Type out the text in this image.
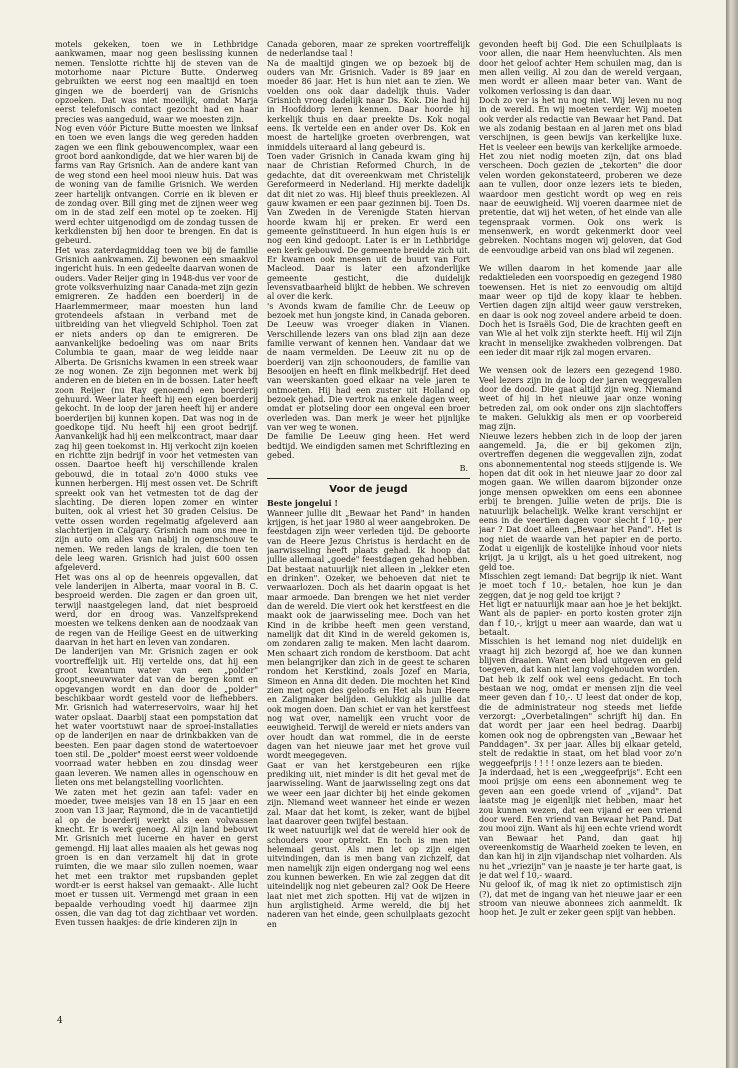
motels gekeken, toen we in Lethbridge aankwamen, maar nog geen beslissing kunnen nemen. Tenslotte richtte hij de steven van de motorhome naar Picture Butte. Onderweg gebruikten we eerst nog een maaltijd en toen gingen we de boerderij van de Grisnichs opzoeken. Dat was niet moeilijk, omdat Marja eerst telefonisch contact gezocht had en haar precies was aangeduid, waar we moesten zijn.

Nog even vóór Picture Butte moesten we linksaf en toen we even langs die weg gereden hadden zagen we een flink gebouwencomplex, waar een groot bord aankondigde, dat we hier waren bij de farms van Ray Grisnich. Aan de andere kant van de weg stond een heel mooi nieuw huis. Dat was de woning van de familie Grisnich. We werden zeer hartelijk ontvangen. Corrie en ik bleven er de zondag over. Bill ging met de zijnen weer weg om in de stad zelf een motel op te zoeken. Hij werd echter uitgenodigd om de zondag tussen de kerkdiensten bij hen door te brengen. En dat is gebeurd.

Het was zaterdagmiddag toen we bij de familie Grisnich aankwamen. Zij bewonen een smaakvol ingericht huis. In een gedeelte daarvan wonen de ouders. Vader Reijer ging in 1948-dus ver voor de grote volksverhuizing naar Canada-met zijn gezin emigreren. Ze hadden een boerderij in de Haarlemmermeer, maar moesten hun land grotendeels afstaan in verband met de uitbreiding van het vliegveld Schiphol. Toen zat er niets anders op dan te emigreren. De aanvankelijke bedoeling was om naar Brits Columbia te gaan, maar de weg leidde naar Alberta. De Grisnichs kwamen in een streek waar ze nog wonen. Ze zijn begonnen met werk bij anderen en de bieten en in de bossen. Later heeft zoon Reijer (nu Ray genoemd) een boerderij gehuurd. Weer later heeft hij een eigen boerderij gekocht. In de loop der jaren heeft hij er andere boerderijen bij kunnen kopen. Dat was nog in de goedkope tijd. Nu heeft hij een groot bedrijf. Aanvankelijk had hij een melkcontract, maar daar zag hij geen toekomst in. Hij verkocht zijn koeien en richtte zijn bedrijf in voor het vetmesten van ossen. Daartoe heeft hij verschillende kralen gebouwd, die in totaal zo'n 4000 stuks vee kunnen herbergen. Hij mest ossen vet. De Schrift spreekt ook van het vetmesten tot de dag der slachting. De dieren lopen zomer en winter buiten, ook al vriest het 30 graden Celsius. De vette ossen worden regelmatig afgeleverd aan slachterijen in Calgary. Grisnich nam ons mee in zijn auto om alles van nabij in ogenschouw te nemen. We reden langs de kralen, die toen ten dele leeg waren. Grisnich had juist 600 ossen afgeleverd.

Het was ons al op de heenreis opgevallen, dat vele landerijen in Alberta, maar vooral in B. C. besproeid werden. Die zagen er dan groen uit, terwijl naastgelegen land, dat niet besproeid werd, dor en droog was. Vanzelfsprekend moesten we telkens denken aan de noodzaak van de regen van de Heilige Geest en de uitwerking daarvan in het hart en leven van zondaren.

De landerijen van Mr. Grisnich zagen er ook voortreffelijk uit. Hij vertelde ons, dat hij een groot kwantum water van een „polder" koopt,sneeuwwater dat van de bergen komt en opgevangen wordt en dan door de „polder" beschikbaar wordt gesteld voor de liefhebbers. Mr. Grisnich had waterreservoirs, waar hij het water opslaat. Daarbij staat een pompstation dat het water voortstuwt naar de sproei-installaties op de landerijen en naar de drinkbakken van de beesten. Een paar dagen stond de watertoevoer toen stil. De „polder" moest eerst weer voldoende voorraad water hebben en zou dinsdag weer gaan leveren. We namen alles in ogenschouw en lieten ons met belangstelling voorlichten.

We zaten met het gezin aan tafel: vader en moeder, twee meisjes van 18 en 15 jaar en een zoon van 13 jaar, Raymond, die in de vacantietijd al op de boerderij werkt als een volwassen knecht. Er is werk genoeg. Al zijn land bebouwt Mr. Grisnich met lucerne en haver en gerst gemengd. Hij laat alles maaien als het gewas nog groen is en dan verzamelt hij dat in grote ruimten, die we maar silo zullen noemen, waar het met een traktor met rupsbanden geplet wordt-er is eerst haksel van gemaakt-. Alle lucht moet er tussen uit. Vermengd met graan in een bepaalde verhouding voedt hij daarmee zijn ossen, die van dag tot dag zichtbaar vet worden. Even tussen haakjes: de drie kinderen zijn in

Canada geboren, maar ze spreken voortreffelijk de nederlandse taal !

Na de maaltijd gingen we op bezoek bij de ouders van Mr. Grisnich. Vader is 89 jaar en moeder 86 jaar. Het is hun niet aan te zien. We voelden ons ook daar dadelijk thuis. Vader Grisnich vroeg dadelijk naar Ds. Kok. Die had hij in Hoofddorp leren kennen. Daar hoorde hij kerkelijk thuis en daar preekte Ds. Kok nogal eens. Ik vertelde een en ander over Ds. Kok en moest de hartelijke groeten overbrengen, wat inmiddels uiteraard al lang gebeurd is.

Toen vader Grisnich in Canada kwam ging hij naar de Christian Reformed Church, in de gedachte, dat dit overeenkwam met Christelijk Gereformeerd in Nederland. Hij merkte dadelijk dat dit niet zo was. Hij bleef thuis preeklezen. Al gauw kwamen er een paar gezinnen bij. Toen Ds. Van Zweden in de Verenigde Staten hiervan hoorde kwam hij er preken. Er werd een gemeente geïnstitueerd. In hun eigen huis is er nog een kind gedoopt. Later is er in Lethbridge een kerk gebouwd. De gemeente breidde zich uit. Er kwamen ook mensen uit de buurt van Fort Macleod. Daar is later een afzonderlijke gemeente gesticht, die duidelijk levensvatbaarheid blijkt de hebben. We schreven al over die kerk.

's Avonds kwam de familie Chr. de Leeuw op bezoek met hun jongste kind, in Canada geboren. De Leeuw was vroeger diaken in Vianen. Verschillende lezers van ons blad zijn aan deze familie verwant of kennen hen. Vandaar dat we de naam vermelden. De Leeuw zit nu op de boerderij van zijn schoonouders, de familie van Besooijen en heeft en flink melkbedrijf. Het deed van weerskanten goed elkaar na vele jaren te ontmoeten. Hij had een zuster uit Holland op bezoek gehad. Die vertrok na enkele dagen weer, omdat er plotseling door een ongeval een broer overleden was. Dan merk je weer het pijnlijke van ver weg te wonen.

De familie De Leeuw ging heen. Het werd bedtijd. We eindigden samen met Schriftlezing en gebed.

B.
Voor de jeugd

Beste jongelui !

Wanneer jullie dit „Bewaar het Pand" in handen krijgen, is het jaar 1980 al weer aangebroken. De feestdagen zijn weer verleden tijd. De geboorte van de Heere Jezus Christus is herdacht en de jaarwisseling heeft plaats gehad. Ik hoop dat jullie allemaal „goede" feestdagen gehad hebben. Dat bestaat natuurlijk niet alleen in „lekker eten en drinken". Ozeker, we behoeven dat niet te verwaarlozen. Doch als het daarin opgaat is het maar armoede. Dan brengen we het niet verder dan de wereld. Die viert ook het kerstfeest en die maakt ook de jaarwisseling mee. Doch van het Kind in de kribbe heeft men geen verstand, namelijk dat dit Kind in de wereld gekomen is, om zondaren zalig te maken. Men lacht daarom. Men schaart zich rondom de kerstboom. Dat acht men belangrijker dan zich in de geest te scharen rondom het Kerstkind, zoals Jozef en Maria, Simeon en Anna dit deden. Die mochten het Kind zien met ogen des geloofs en Het als hun Heere en Zaligmaker belijden. Gelukkig als jullie dat ook mogen doen. Dan schiet er van het kerstfeest nog wat over, namelijk een vrucht voor de eeuwigheid. Terwijl de wereld er niets anders van over houdt dan wat rommel, die in de eerste dagen van het nieuwe jaar met het grove vuil wordt meegegeven.

Gaat er van het kerstgebeuren een rijke prediking uit, niet minder is dit het geval met de jaarwisseling. Want de jaarwisseling zegt ons dat we weer een jaar dichter bij het einde gekomen zijn. Niemand weet wanneer het einde er wezen zal. Maar dat het komt, is zeker, want de bijbel laat daarover geen twijfel bestaan.

Ik weet natuurlijk wel dat de wereld hier ook de schouders voor optrekt. En toch is men niet helemaal gerust. Als men let op zijn eigen uitvindingen, dan is men bang van zichzelf, dat men namelijk zijn eigen ondergang nog wel eens zou kunnen bewerken. En wie zal zeggen dat dit uiteindelijk nog niet gebeuren zal? Ook De Heere laat niet met zich spotten. Hij vat de wijzen in hun arglistigheid. Arme wereld, die bij het naderen van het einde, geen schuilplaats gezocht en

gevonden heeft bij God. Die een Schuilplaats is voor allen, die naar Hem heenvluchten. Als men door het geloof achter Hem schuilen mag, dan is men allen veilig. Al zou dan de wereld vergaan, men wordt er alleen maar beter van. Want de volkomen verlossing is dan daar.

Doch zo ver is het nu nog niet. Wij leven nu nog in de wereld. En wij moeten verder. Wij moeten ook verder als redactie van Bewaar het Pand. Dat we als zodanig bestaan en al jaren met ons blad verschijnen, is geen bewijs van kerkelijke luxe. Het is veeleer een bewijs van kerkelijke armoede. Het zou niet nodig moeten zijn, dat ons blad verscheen. Doch gezien de „tekorten" die door velen worden gekonstateerd, proberen we deze aan te vullen, door onze lezers iets te bieden, waardoor men gesticht wordt op weg en reis naar de eeuwigheid. Wij voeren daarmee niet de pretentie, dat wij het weten, of het einde van alle tegenspraak vormen. Ook ons werk is mensenwerk, en wordt gekenmerkt door veel gebreken. Nochtans mogen wij geloven, dat God de eenvoudige arbeid van ons blad wil zegenen.

We willen daarom in het komende jaar alle redaktieleden een voorspoedig en gezegend 1980 toewensen. Het is niet zo eenvoudig om altijd maar weer op tijd de kopy klaar te hebben. Vertien dagen zijn altijd weer gauw verstreken, en daar is ook nog zoveel andere arbeid te doen. Doch het is Israëls God, Die de krachten geeft en van Wie al het volk zijn sterkte heeft. Hij wil Zijn kracht in menselijke zwakheden volbrengen. Dat een ieder dit maar rijk zal mogen ervaren.

We wensen ook de lezers een gezegend 1980. Veel lezers zijn in de loop der jaren weggevallen door de dood. Die gaat altijd zijn weg. Niemand weet of hij in het nieuwe jaar onze woning betreden zal, om ook onder ons zijn slachtoffers te maken. Gelukkig als men er op voorbereid mag zijn.

Nieuwe lezers hebben zich in de loop der jaren aangemeld. Ja, die er bij gekomen zijn, overtreffen degenen die weggevallen zijn, zodat ons abonnementental nog steeds stijgende is. We hopen dat dit ook in het nieuwe jaar zo door zal mogen gaan. We willen daarom bijzonder onze jonge mensen opwekken om eens een abonnee erbij te brengen. Jullie weten de prijs. Die is natuurlijk belachelijk. Welke krant verschijnt er eens in de veertien dagen voor slecht f 10,- per jaar ? Dat doet alleen „Bewaar het Pand". Het is nog niet de waarde van het papier en de porto. Zodat u eigenlijk de kostelijke inhoud voor niets krijgt, ja u krijgt, als u het goed uitrekent, nog geld toe.

Misschien zegt iemand: Dat begrijp ik niet. Want je moet toch f 10,- betalen, hoe kun je dan zeggen, dat je nog geld toe krijgt ?

Het ligt er natuurlijk maar aan hoe je het bekijkt. Want als de papier- en porto kosten groter zijn dan f 10,-, krijgt u meer aan waarde, dan wat u betaalt.

Misschien is het iemand nog niet duidelijk en vraagt hij zich bezorgd af, hoe we dan kunnen blijven draaien. Want een blad uitgeven en geld toegeven, dat kan niet lang volgehouden worden.

Dat heb ik zelf ook wel eens gedacht. En toch bestaan we nog, omdat er mensen zijn die veel meer geven dan f 10,-. U leest dat onder de kop, die de administrateur nog steeds met liefde verzorgt: „Overbetalingen" schrijft hij dan. En dat wordt per jaar een heel bedrag. Daarbij komen ook nog de opbrengsten van „Bewaar het Panddagen". 3x per jaar. Alles bij elkaar geteld, stelt de redaktie in staat, om het blad voor zo'n weggeefprijs ! ! ! ! onze lezers aan te bieden.

Ja inderdaad, het is een „weggeefprijs". Echt een mooi prijsje om eens een abonnement weg te geven aan een goede vriend of „vijand". Dat laatste mag je eigenlijk niet hebben, maar het zou kunnen wezen, dat een vijand er een vriend door werd. Een vriend van Bewaar het Pand. Dat zou mooi zijn. Want als hij een echte vriend wordt van Bewaar het Pand, dan gaat hij overeenkomstig de Waarheid zoeken te leven, en dan kan hij in zijn vijandschap niet volharden. Als nu het „vriezijn" van je naaste je ter harte gaat, is je dat wel f 10,- waard.

Nu geloof ik, of mag ik niet zo optimistisch zijn (?), dat met de ingang van het nieuwe jaar er een stroom van nieuwe abonnees zich aanmeldt. Ik hoop het. Je zult er zeker geen spijt van hebben.

4
